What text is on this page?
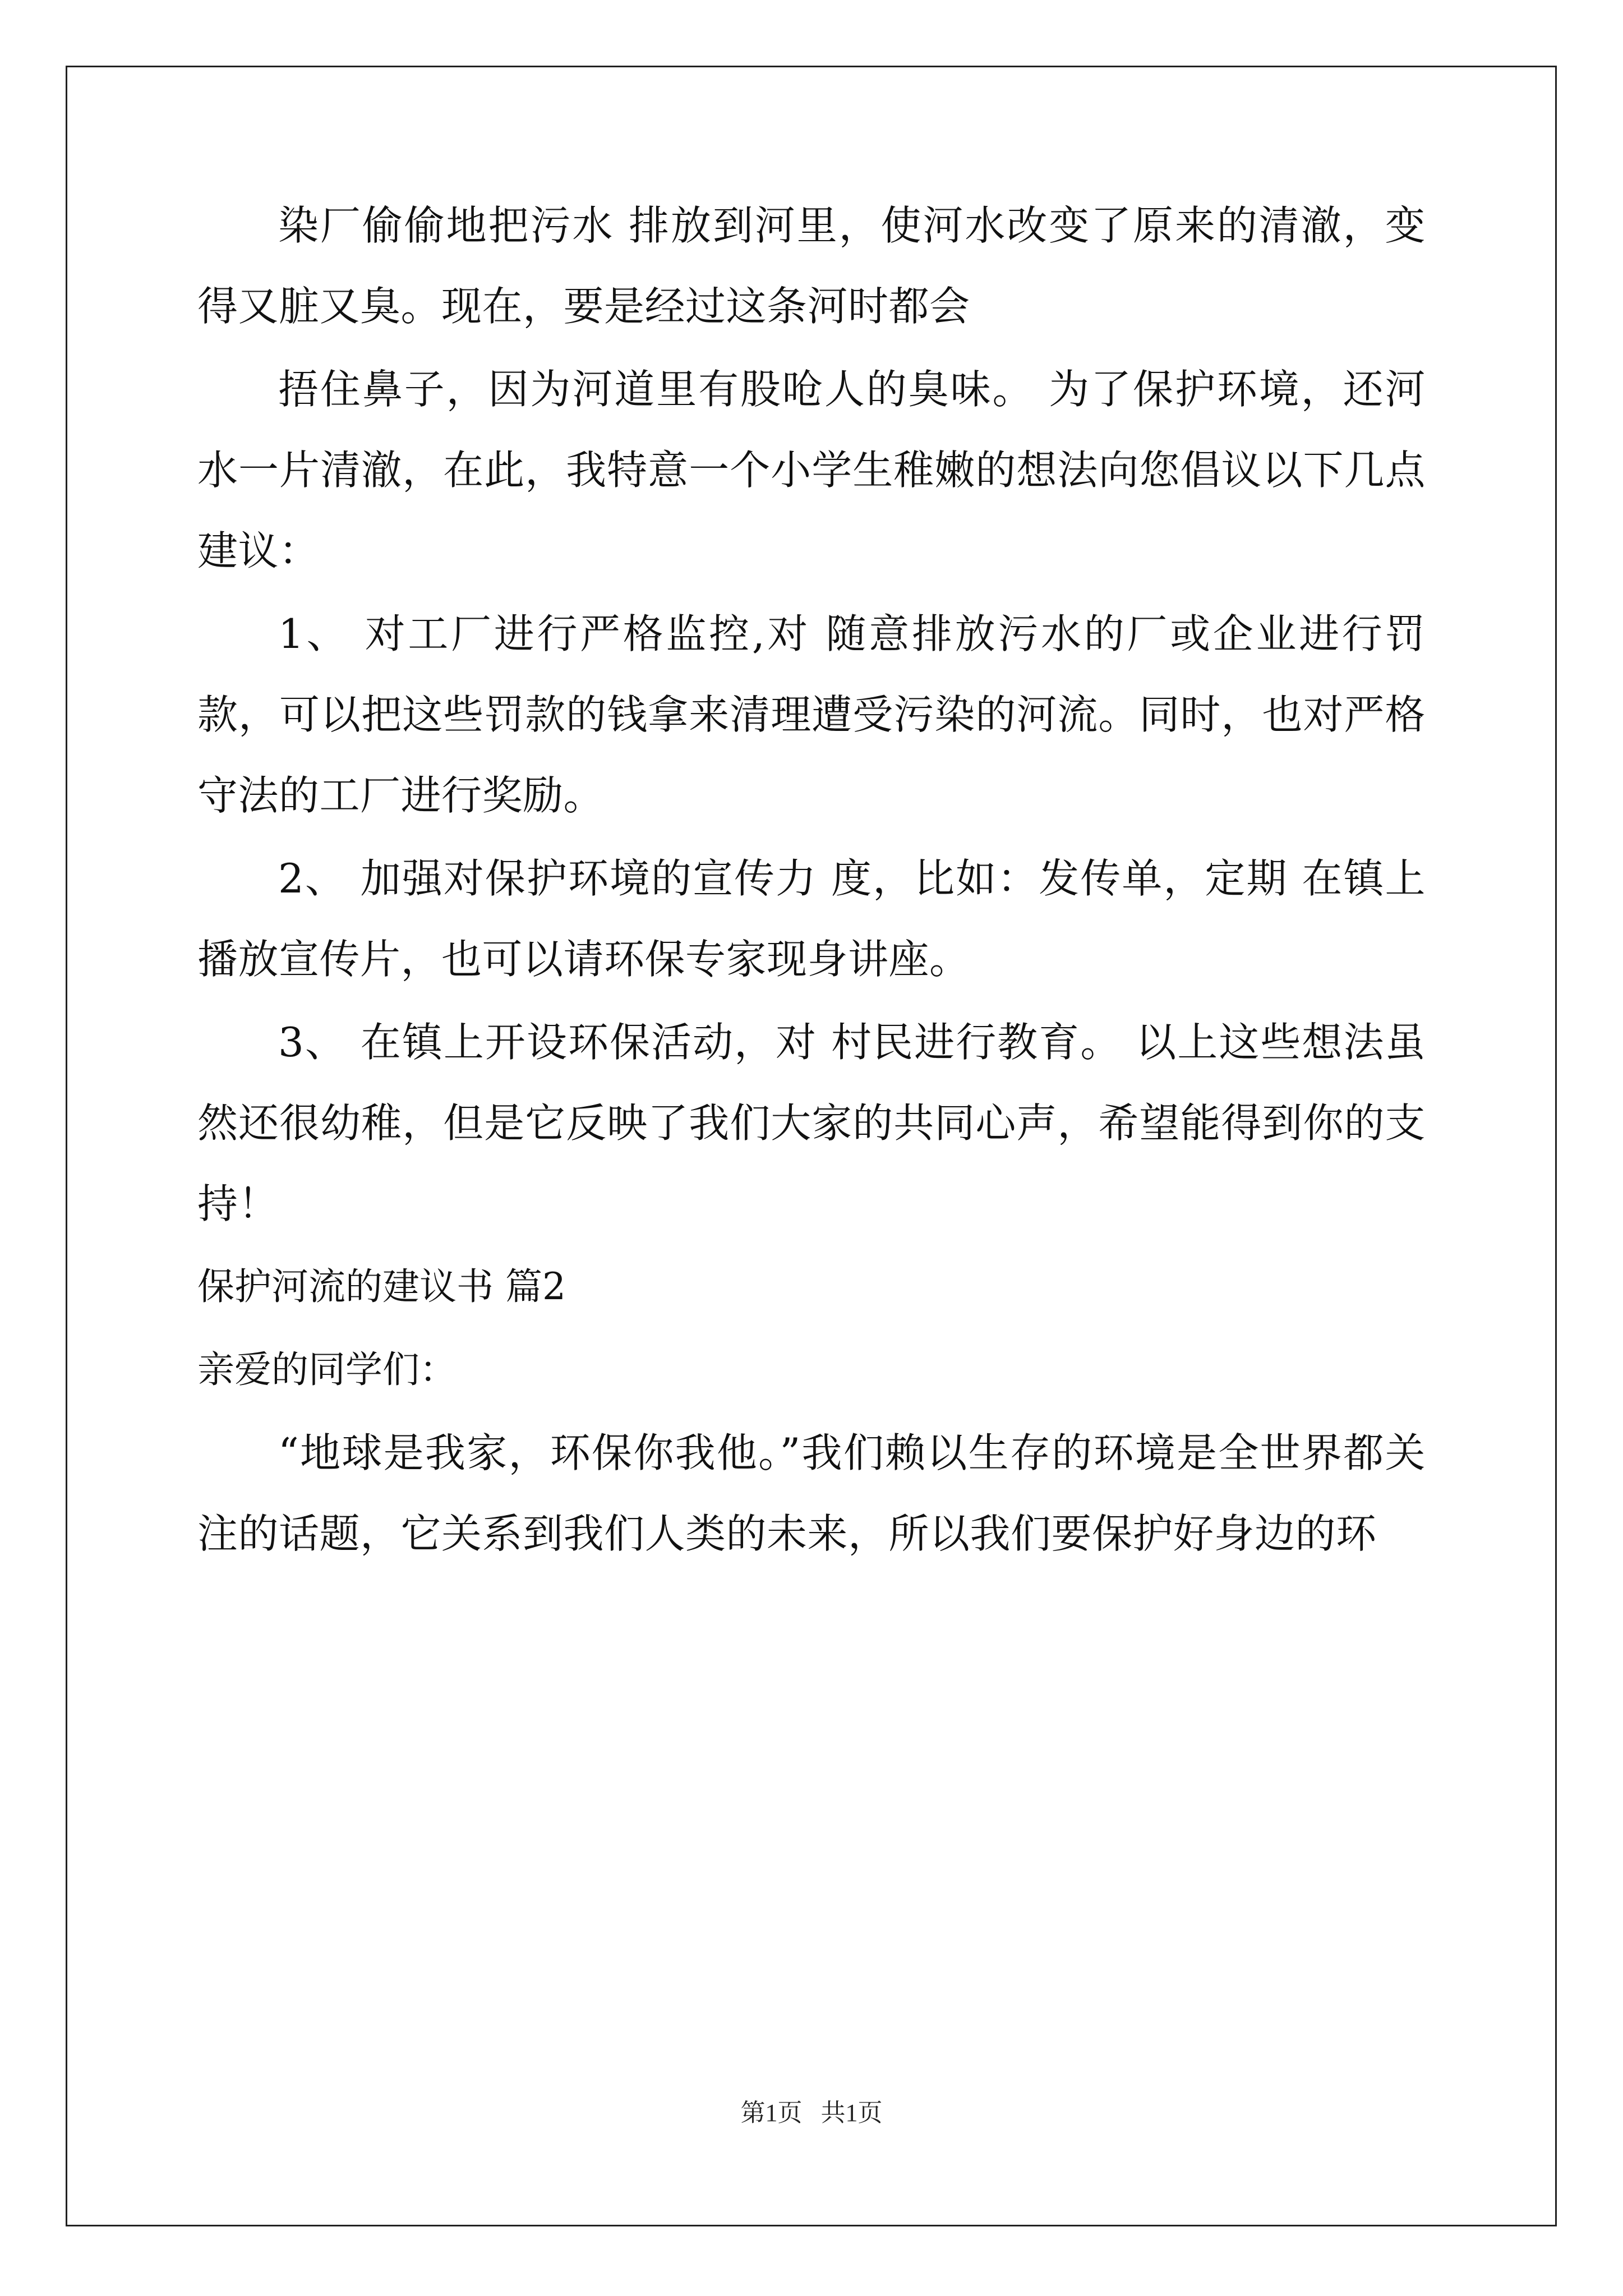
染厂偷偷地把污水 排放到河里，使河水改变了原来的清澈，变得又脏又臭。现在，要是经过这条河时都会

捂住鼻子，因为河道里有股呛人的臭味。 为了保护环境，还河水一片清澈，在此，我特意一个小学生稚嫩的想法向您倡议以下几点建议：

1、 对工厂进行严格监控,对 随意排放污水的厂或企业进行罚款，可以把这些罚款的钱拿来清理遭受污染的河流。同时，也对严格守法的工厂进行奖励。

2、 加强对保护环境的宣传力 度，比如：发传单，定期 在镇上播放宣传片，也可以请环保专家现身讲座。

3、 在镇上开设环保活动，对 村民进行教育。 以上这些想法虽然还很幼稚，但是它反映了我们大家的共同心声，希望能得到你的支持！

保护河流的建议书 篇2

亲爱的同学们：

“地球是我家，环保你我他。”我们赖以生存的环境是全世界都关注的话题，它关系到我们人类的未来，所以我们要保护好身边的环

第1页   共1页
